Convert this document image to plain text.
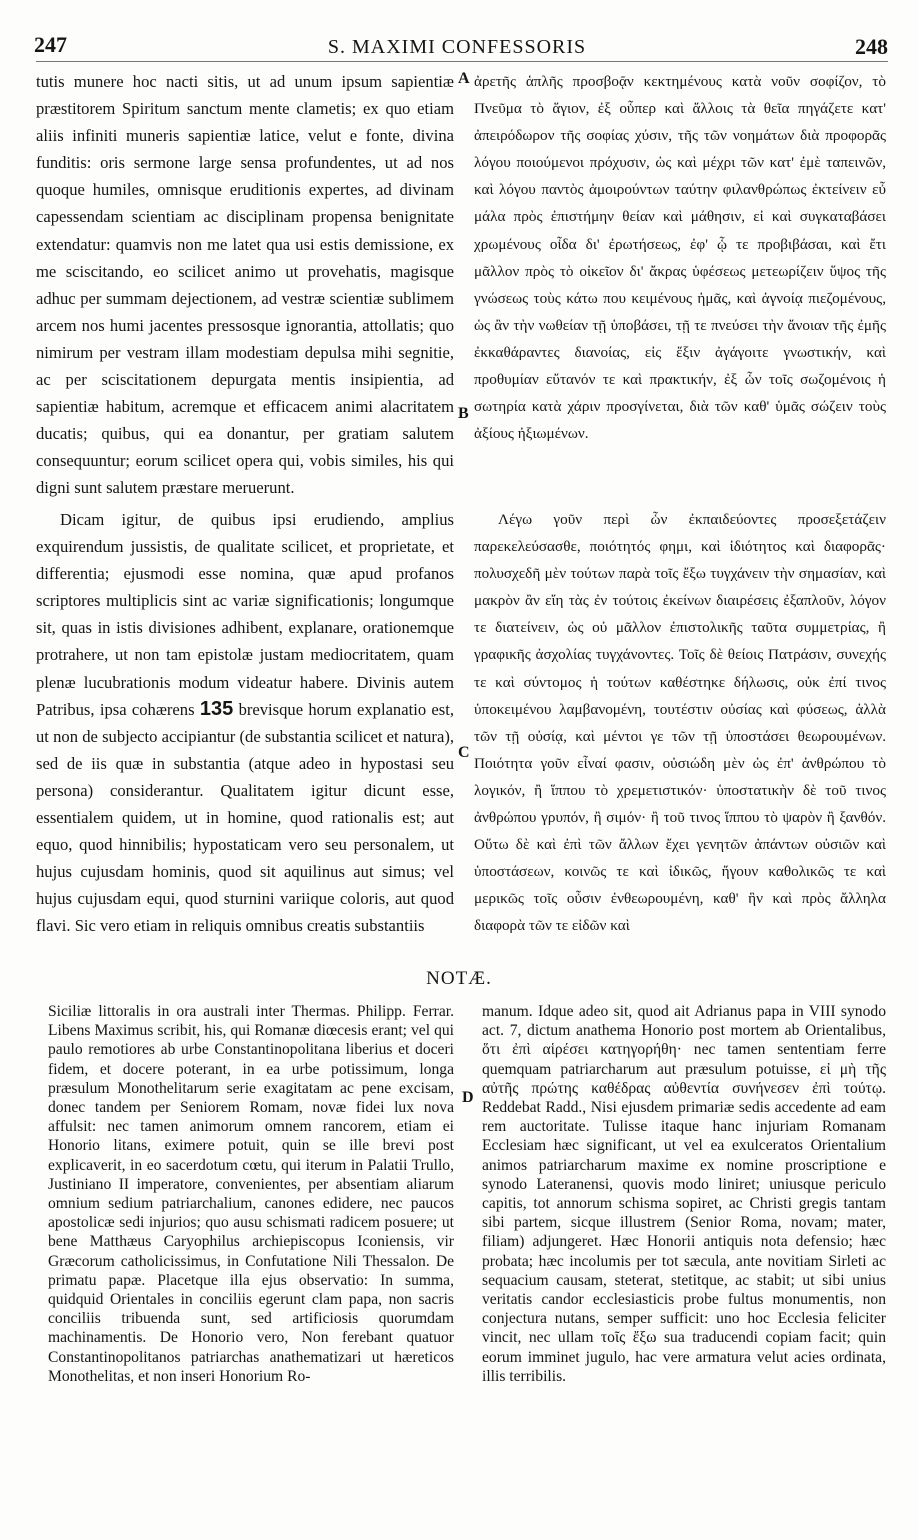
247	S. MAXIMI CONFESSORIS	248

tutis munere hoc nacti sitis, ut ad unum ipsum sapientiæ præstitorem Spiritum sanctum mente clametis; ex quo etiam aliis infiniti muneris sapientiæ latice, velut e fonte, divina funditis: oris sermone large sensa profundentes, ut ad nos quoque humiles, omnisque eruditionis expertes, ad divinam capessendam scientiam ac disciplinam propensa benignitate extendatur: quamvis non me latet qua usi estis demissione, ex me sciscitando, eo scilicet animo ut provehatis, magisque adhuc per summam dejectionem, ad vestræ scientiæ sublimem arcem nos humi jacentes pressosque ignorantia, attollatis; quo nimirum per vestram illam modestiam depulsa mihi segnitie, ac per sciscitationem depurgata mentis insipientia, ad sapientiæ habitum, acremque et efficacem animi alacritatem ducatis; quibus, qui ea donantur, per gratiam salutem consequuntur; eorum scilicet opera qui, vobis similes, his qui digni sunt salutem præstare meruerunt.

Dicam igitur, de quibus ipsi erudiendo, amplius exquirendum jussistis, de qualitate scilicet, et proprietate, et differentia; ejusmodi esse nomina, quæ apud profanos scriptores multiplicis sint ac variæ significationis; longumque sit, quas in istis divisiones adhibent, explanare, orationemque protrahere, ut non tam epistolæ justam mediocritatem, quam plenæ lucubrationis modum videatur habere. Divinis autem Patribus, ipsa cohærens 135 brevisque horum explanatio est, ut non de subjecto accipiantur (de substantia scilicet et natura), sed de iis quæ in substantia (atque adeo in hypostasi seu persona) considerantur. Qualitatem igitur dicunt esse, essentialem quidem, ut in homine, quod rationalis est; aut equo, quod hinnibilis; hypostaticam vero seu personalem, ut hujus cujusdam hominis, quod sit aquilinus aut simus; vel hujus cujusdam equi, quod sturnini variique coloris, aut quod flavi. Sic vero etiam in reliquis omnibus creatis substantiis

A
B
C
D

ἀρετῆς ἁπλῆς προσβοᾷν κεκτημένους κατὰ νοῦν σοφίζον, τὸ Πνεῦμα τὸ ἅγιον, ἐξ οὗπερ καὶ ἄλλοις τὰ θεῖα πηγάζετε κατ' ἀπειρόδωρον τῆς σοφίας χύσιν, τῆς τῶν νοημάτων διὰ προφορᾶς λόγου ποιούμενοι πρόχυσιν, ὡς καὶ μέχρι τῶν κατ' ἐμὲ ταπεινῶν, καὶ λόγου παντὸς ἀμοιρούντων ταύτην φιλανθρώπως ἐκτείνειν εὖ μάλα πρὸς ἐπιστήμην θείαν καὶ μάθησιν, εἰ καὶ συγκαταβάσει χρωμένους οἶδα δι' ἐρωτήσεως, ἐφ' ᾧ τε προβιβάσαι, καὶ ἔτι μᾶλλον πρὸς τὸ οἰκεῖον δι' ἄκρας ὑφέσεως μετεωρίζειν ὕψος τῆς γνώσεως τοὺς κάτω που κειμένους ἡμᾶς, καὶ ἀγνοίᾳ πιεζομένους, ὡς ἂν τὴν νωθείαν τῇ ὑποβάσει, τῇ τε πνεύσει τὴν ἄνοιαν τῆς ἐμῆς ἐκκαθάραντες διανοίας, εἰς ἕξιν ἀγάγοιτε γνωστικήν, καὶ προθυμίαν εὔτανόν τε καὶ πρακτικήν, ἐξ ὧν τοῖς σωζομένοις ἡ σωτηρία κατὰ χάριν προσγίνεται, διὰ τῶν καθ' ὑμᾶς σώζειν τοὺς ἀξίους ἠξιωμένων.

Λέγω γοῦν περὶ ὧν ἐκπαιδεύοντες προσεξετάζειν παρεκελεύσασθε, ποιότητός φημι, καὶ ἰδιότητος καὶ διαφορᾶς· πολυσχεδῆ μὲν τούτων παρὰ τοῖς ἔξω τυγχάνειν τὴν σημασίαν, καὶ μακρὸν ἂν εἴη τὰς ἐν τούτοις ἐκείνων διαιρέσεις ἐξαπλοῦν, λόγον τε διατείνειν, ὡς οὐ μᾶλλον ἐπιστολικῆς ταῦτα συμμετρίας, ἢ γραφικῆς ἀσχολίας τυγχάνοντες. Τοῖς δὲ θείοις Πατράσιν, συνεχής τε καὶ σύντομος ἡ τούτων καθέστηκε δήλωσις, οὐκ ἐπί τινος ὑποκειμένου λαμβανομένη, τουτέστιν οὐσίας καὶ φύσεως, ἀλλὰ τῶν τῇ οὐσίᾳ, καὶ μέντοι γε τῶν τῇ ὑποστάσει θεωρουμένων. Ποιότητα γοῦν εἶναί φασιν, οὐσιώδη μὲν ὡς ἐπ' ἀνθρώπου τὸ λογικόν, ἢ ἵππου τὸ χρεμετιστικόν· ὑποστατικὴν δὲ τοῦ τινος ἀνθρώπου γρυπόν, ἢ σιμόν· ἢ τοῦ τινος ἵππου τὸ ψαρὸν ἢ ξανθόν. Οὕτω δὲ καὶ ἐπὶ τῶν ἄλλων ἔχει γενητῶν ἁπάντων οὐσιῶν καὶ ὑποστάσεων, κοινῶς τε καὶ ἰδικῶς, ἤγουν καθολικῶς τε καὶ μερικῶς τοῖς οὖσιν ἐνθεωρουμένη, καθ' ἣν καὶ πρὸς ἄλληλα διαφορὰ τῶν τε εἰδῶν καὶ

NOTÆ.

Siciliæ littoralis in ora australi inter Thermas. Philipp. Ferrar. Libens Maximus scribit, his, qui Romanæ diœcesis erant; vel qui paulo remotiores ab urbe Constantinopolitana liberius et doceri fidem, et docere poterant, in ea urbe potissimum, longa præsulum Monothelitarum serie exagitatam ac pene excisam, donec tandem per Seniorem Romam, novæ fidei lux nova affulsit: nec tamen animorum omnem rancorem, etiam ei Honorio litans, eximere potuit, quin se ille brevi post explicaverit, in eo sacerdotum cœtu, qui iterum in Palatii Trullo, Justiniano II imperatore, convenientes, per absentiam aliarum omnium sedium patriarchalium, canones edidere, nec paucos apostolicæ sedi injurios; quo ausu schismati radicem posuere; ut bene Matthæus Caryophilus archiepiscopus Iconiensis, vir Græcorum catholicissimus, in Confutatione Nili Thessalon. De primatu papæ. Placetque illa ejus observatio: In summa, quidquid Orientales in conciliis egerunt clam papa, non sacris conciliis tribuenda sunt, sed artificiosis quorumdam machinamentis. De Honorio vero, Non ferebant quatuor Constantinopolitanos patriarchas anathematizari ut hæreticos Monothelitas, et non inseri Honorium Ro-

manum. Idque adeo sit, quod ait Adrianus papa in VIII synodo act. 7, dictum anathema Honorio post mortem ab Orientalibus, ὅτι ἐπὶ αἱρέσει κατηγορήθη· nec tamen sententiam ferre quemquam patriarcharum aut præsulum potuisse, εἰ μὴ τῆς αὐτῆς πρώτης καθέδρας αὐθεντία συνήνεσεν ἐπὶ τούτῳ. Reddebat Radd., Nisi ejusdem primariæ sedis accedente ad eam rem auctoritate. Tulisse itaque hanc injuriam Romanam Ecclesiam hæc significant, ut vel ea exulceratos Orientalium animos patriarcharum maxime ex nomine proscriptione e synodo Lateranensi, quovis modo liniret; uniusque periculo capitis, tot annorum schisma sopiret, ac Christi gregis tantam sibi partem, sicque illustrem (Senior Roma, novam; mater, filiam) adjungeret. Hæc Honorii antiquis nota defensio; hæc probata; hæc incolumis per tot sæcula, ante novitiam Sirleti ac sequacium causam, steterat, stetitque, ac stabit; ut sibi unius veritatis candor ecclesiasticis probe fultus monumentis, non conjectura nutans, semper sufficit: uno hoc Ecclesia feliciter vincit, nec ullam τοῖς ἔξω sua traducendi copiam facit; quin eorum imminet jugulo, hac vere armatura velut acies ordinata, illis terribilis.
